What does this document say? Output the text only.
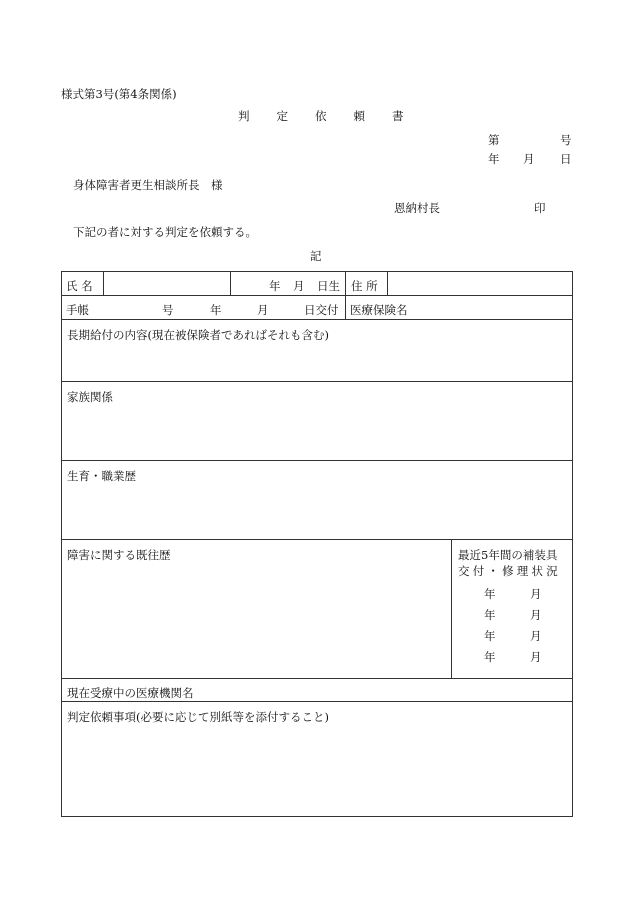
様式第3号(第4条関係)
判 定 依 頼 書
第	号
年 月 日
身体障害者更生相談所長　様
恩納村長	印
下記の者に対する判定を依頼する。
記
氏 名	年 月 日生 住 所

手帳	号	年	月	日交付 医療保険名

長期給付の内容(現在被保険者であればそれも含む)

家族関係

生育・職業歴

障害に関する既往歴	最近5年間の補装具
交付・修理状況
年	月
年	月
年	月
年	月

現在受療中の医療機関名

判定依頼事項(必要に応じて別紙等を添付すること)
